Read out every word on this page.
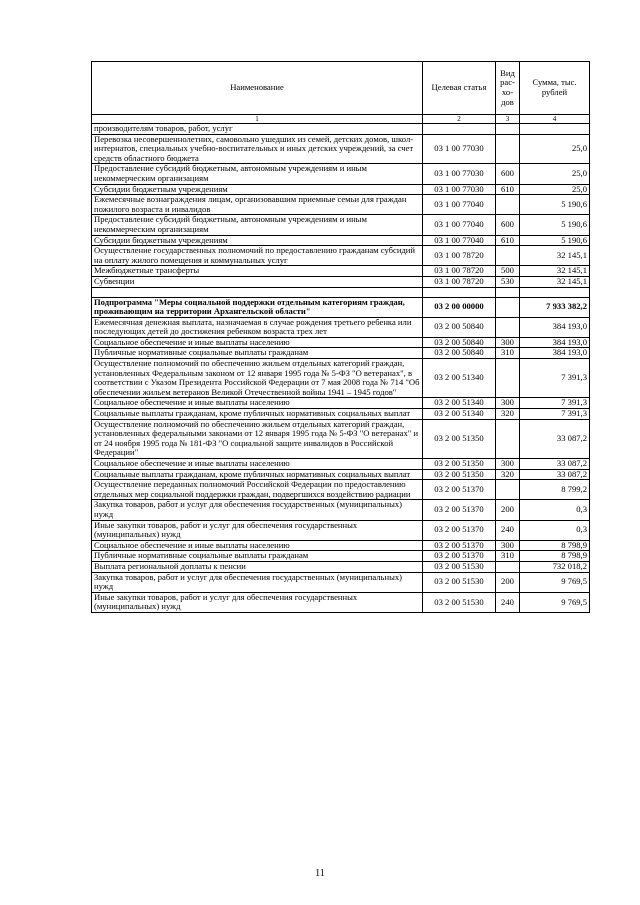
Наименование	Целевая статья	Вид рас-хо-дов	Сумма, тыс. рублей
1	2	3	4
производителям товаров, работ, услуг			
Перевозка несовершеннолетних, самовольно ушедших из семей, детских домов, школ-интернатов, специальных учебно-воспитательных и иных детских учреждений, за счет средств областного бюджета	03 1 00 77030		25,0
Предоставление субсидий бюджетным, автономным учреждениям и иным некоммерческим организациям	03 1 00 77030	600	25,0
Субсидии бюджетным учреждениям	03 1 00 77030	610	25,0
Ежемесячные вознаграждения лицам, организовавшим приемные семьи для граждан пожилого возраста и инвалидов	03 1 00 77040		5 190,6
Предоставление субсидий бюджетным, автономным учреждениям и иным некоммерческим организациям	03 1 00 77040	600	5 190,6
Субсидии бюджетным учреждениям	03 1 00 77040	610	5 190,6
Осуществление государственных полномочий по предоставлению гражданам субсидий на оплату жилого помещения и коммунальных услуг	03 1 00 78720		32 145,1
Межбюджетные трансферты	03 1 00 78720	500	32 145,1
Субвенции	03 1 00 78720	530	32 145,1

Подпрограмма "Меры социальной поддержки отдельным категориям граждан, проживающим на территории Архангельской области"	03 2 00 00000		7 933 382,2
Ежемесячная денежная выплата, назначаемая в случае рождения третьего ребенка или последующих детей до достижения ребенком возраста трех лет	03 2 00 50840		384 193,0
Социальное обеспечение и иные выплаты населению	03 2 00 50840	300	384 193,0
Публичные нормативные социальные выплаты гражданам	03 2 00 50840	310	384 193,0
Осуществление полномочий по обеспечению жильем отдельных категорий граждан, установленных Федеральным законом от 12 января 1995 года № 5-ФЗ "О ветеранах", в соответствии с Указом Президента Российской Федерации от 7 мая 2008 года № 714 "Об обеспечении жильем ветеранов Великой Отечественной войны 1941 – 1945 годов"	03 2 00 51340		7 391,3
Социальное обеспечение и иные выплаты населению	03 2 00 51340	300	7 391,3
Социальные выплаты гражданам, кроме публичных нормативных социальных выплат	03 2 00 51340	320	7 391,3
Осуществление полномочий по обеспечению жильем отдельных категорий граждан, установленных федеральными законами от 12 января 1995 года № 5-ФЗ "О ветеранах" и от 24 ноября 1995 года № 181-ФЗ "О социальной защите инвалидов в Российской Федерации"	03 2 00 51350		33 087,2
Социальное обеспечение и иные выплаты населению	03 2 00 51350	300	33 087,2
Социальные выплаты гражданам, кроме публичных нормативных социальных выплат	03 2 00 51350	320	33 087,2
Осуществление переданных полномочий Российской Федерации по предоставлению отдельных мер социальной поддержки граждан, подвергшихся воздействию радиации	03 2 00 51370		8 799,2
Закупка товаров, работ и услуг для обеспечения государственных (муниципальных) нужд	03 2 00 51370	200	0,3
Иные закупки товаров, работ и услуг для обеспечения государственных (муниципальных) нужд	03 2 00 51370	240	0,3
Социальное обеспечение и иные выплаты населению	03 2 00 51370	300	8 798,9
Публичные нормативные социальные выплаты гражданам	03 2 00 51370	310	8 798,9
Выплата региональной доплаты к пенсии	03 2 00 51530		732 018,2
Закупка товаров, работ и услуг для обеспечения государственных (муниципальных) нужд	03 2 00 51530	200	9 769,5
Иные закупки товаров, работ и услуг для обеспечения государственных (муниципальных) нужд	03 2 00 51530	240	9 769,5
11
